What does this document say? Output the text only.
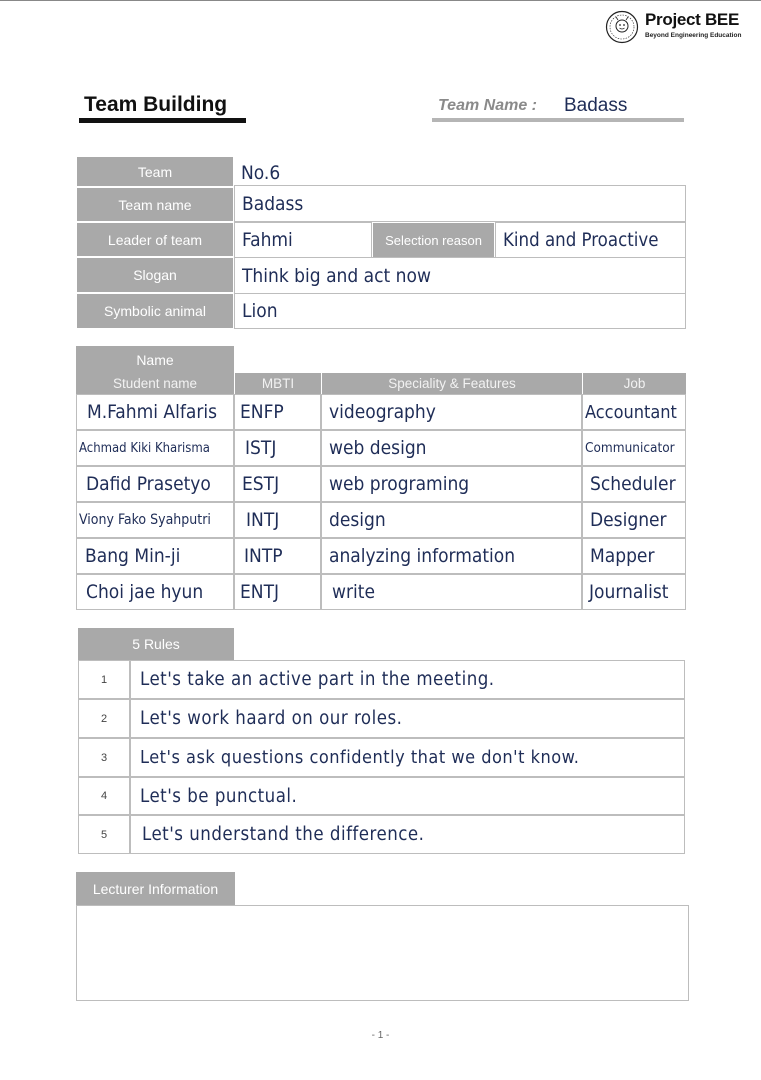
Project BEE
Beyond Engineering Education
Team Building	Team Name : Badass
Team	No.6
Team name	Badass
Leader of team	Fahmi	Selection reason	Kind and Proactive
Slogan	Think big and act now
Symbolic animal	Lion
Name
Student name	MBTI	Speciality & Features	Job
M.Fahmi Alfaris	ENFP	videography	Accountant
Achmad Kiki Kharisma	ISTJ	web design	Communicator
Dafid Prasetyo	ESTJ	web programing	Scheduler
Viony Fako Syahputri	INTJ	design	Designer
Bang Min-ji	INTP	analyzing information	Mapper
Choi jae hyun	ENTJ	write	Journalist
5 Rules
1	Let's take an active part in the meeting.
2	Let's work haard on our roles.
3	Let's ask questions confidently that we don't know.
4	Let's be punctual.
5	Let's understand the difference.
Lecturer Information
- 1 -
